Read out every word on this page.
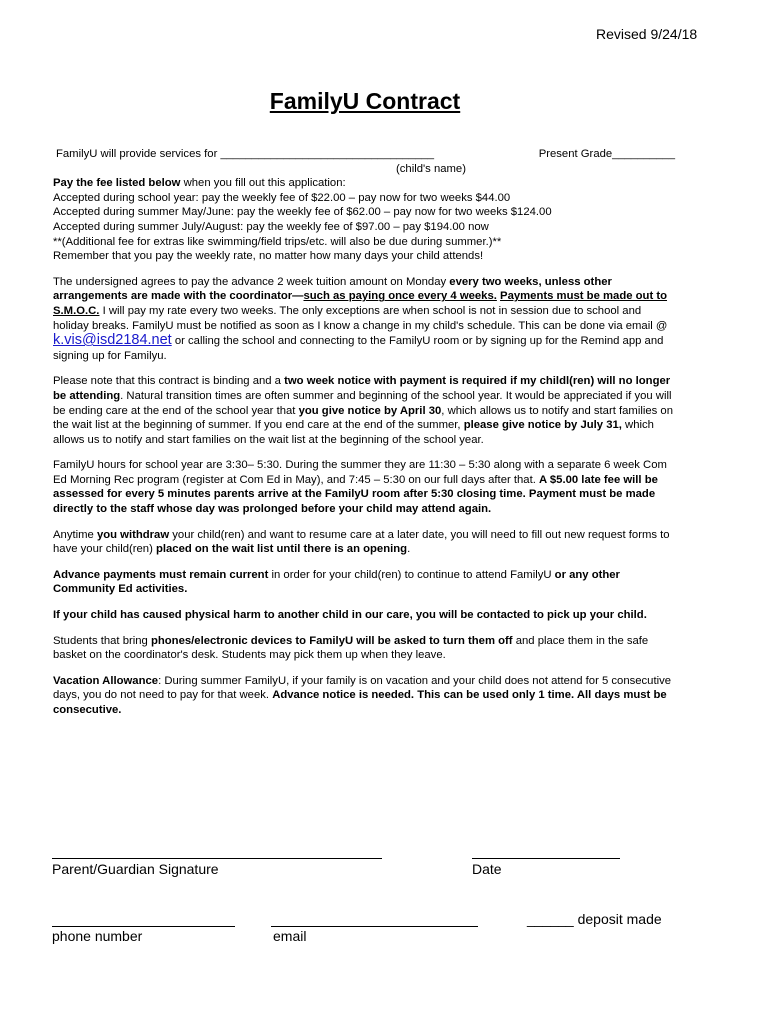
Revised 9/24/18
FamilyU Contract
FamilyU will provide services for __________________________________	Present Grade__________
(child's name)

Pay the fee listed below when you fill out this application:

Accepted during school year: pay the weekly fee of $22.00 – pay now for two weeks $44.00

Accepted during summer May/June: pay the weekly fee of $62.00 – pay now for two weeks $124.00

Accepted during summer July/August: pay the weekly fee of $97.00 – pay $194.00 now

**(Additional fee for extras like swimming/field trips/etc. will also be due during summer.)**

Remember that you pay the weekly rate, no matter how many days your child attends!

The undersigned agrees to pay the advance 2 week tuition amount on Monday every two weeks, unless other arrangements are made with the coordinator—such as paying once every 4 weeks. Payments must be made out to S.M.O.C. I will pay my rate every two weeks. The only exceptions are when school is not in session due to school and holiday breaks. FamilyU must be notified as soon as I know a change in my child's schedule. This can be done via email @ k.vis@isd2184.net or calling the school and connecting to the FamilyU room or by signing up for the Remind app and signing up for Familyu.

Please note that this contract is binding and a two week notice with payment is required if my childl(ren) will no longer be attending. Natural transition times are often summer and beginning of the school year. It would be appreciated if you will be ending care at the end of the school year that you give notice by April 30, which allows us to notify and start families on the wait list at the beginning of summer. If you end care at the end of the summer, please give notice by July 31, which allows us to notify and start families on the wait list at the beginning of the school year.

FamilyU hours for school year are 3:30– 5:30. During the summer they are 11:30 – 5:30 along with a separate 6 week Com Ed Morning Rec program (register at Com Ed in May), and 7:45 – 5:30 on our full days after that. A $5.00 late fee will be assessed for every 5 minutes parents arrive at the FamilyU room after 5:30 closing time. Payment must be made directly to the staff whose day was prolonged before your child may attend again.

Anytime you withdraw your child(ren) and want to resume care at a later date, you will need to fill out new request forms to have your child(ren) placed on the wait list until there is an opening.

Advance payments must remain current in order for your child(ren) to continue to attend FamilyU or any other Community Ed activities.

If your child has caused physical harm to another child in our care, you will be contacted to pick up your child.

Students that bring phones/electronic devices to FamilyU will be asked to turn them off and place them in the safe basket on the coordinator's desk. Students may pick them up when they leave.

Vacation Allowance: During summer FamilyU, if your family is on vacation and your child does not attend for 5 consecutive days, you do not need to pay for that week. Advance notice is needed. This can be used only 1 time. All days must be consecutive.

Parent/Guardian Signature	Date
phone number	email
______ deposit made
